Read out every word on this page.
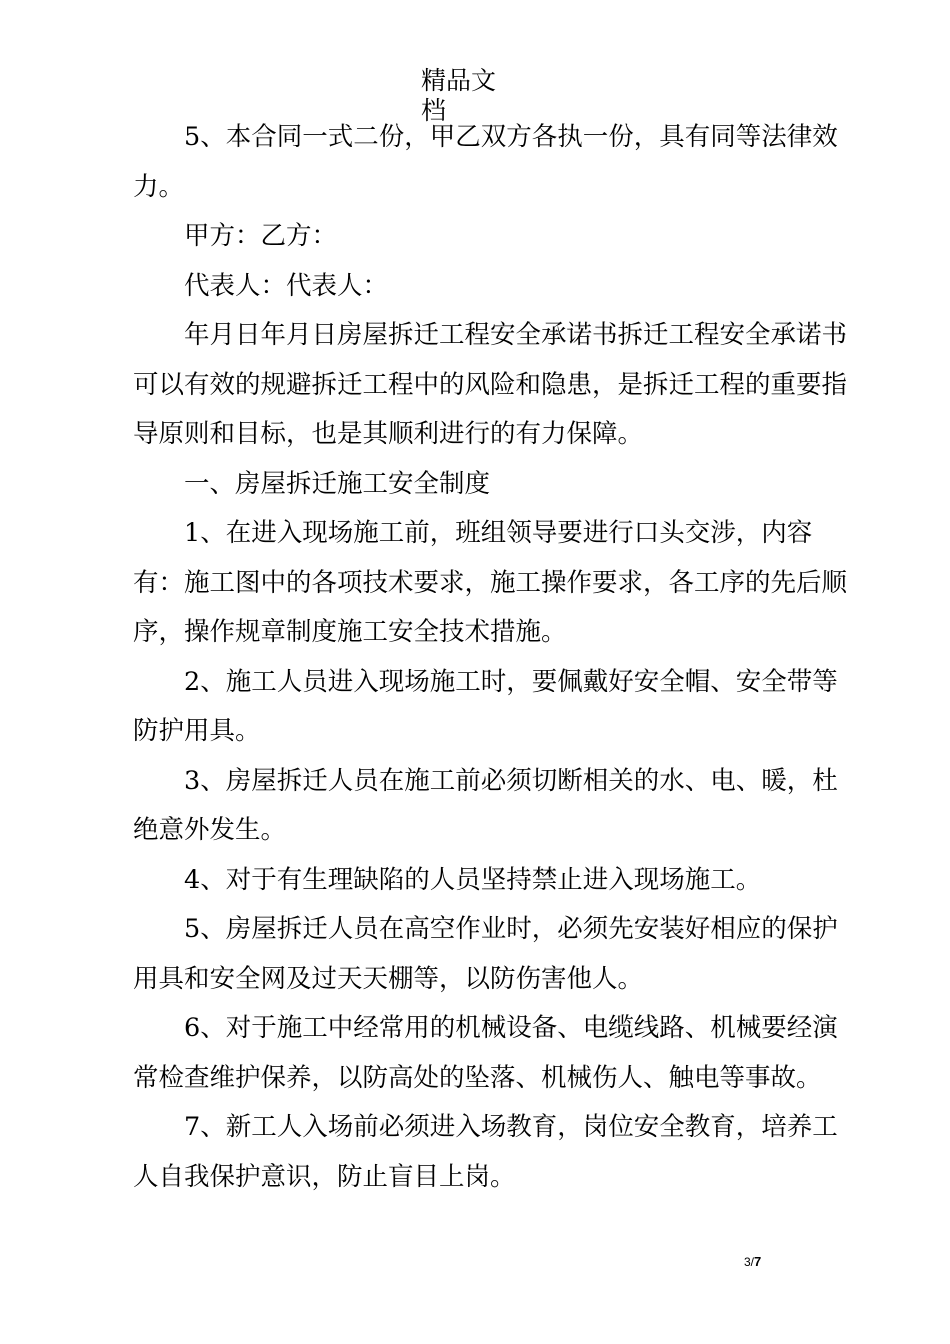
精品文
档

5、本合同一式二份，甲乙双方各执一份，具有同等法律效力。

甲方：乙方：

代表人：代表人：

年月日年月日房屋拆迁工程安全承诺书拆迁工程安全承诺书可以有效的规避拆迁工程中的风险和隐患，是拆迁工程的重要指导原则和目标，也是其顺利进行的有力保障。

一、房屋拆迁施工安全制度

1、在进入现场施工前，班组领导要进行口头交涉，内容有：施工图中的各项技术要求，施工操作要求，各工序的先后顺序，操作规章制度施工安全技术措施。

2、施工人员进入现场施工时，要佩戴好安全帽、安全带等防护用具。

3、房屋拆迁人员在施工前必须切断相关的水、电、暖，杜绝意外发生。

4、对于有生理缺陷的人员坚持禁止进入现场施工。

5、房屋拆迁人员在高空作业时，必须先安装好相应的保护用具和安全网及过天天棚等，以防伤害他人。

6、对于施工中经常用的机械设备、电缆线路、机械要经演常检查维护保养，以防高处的坠落、机械伤人、触电等事故。

7、新工人入场前必须进入场教育，岗位安全教育，培养工人自我保护意识，防止盲目上岗。

3/7
